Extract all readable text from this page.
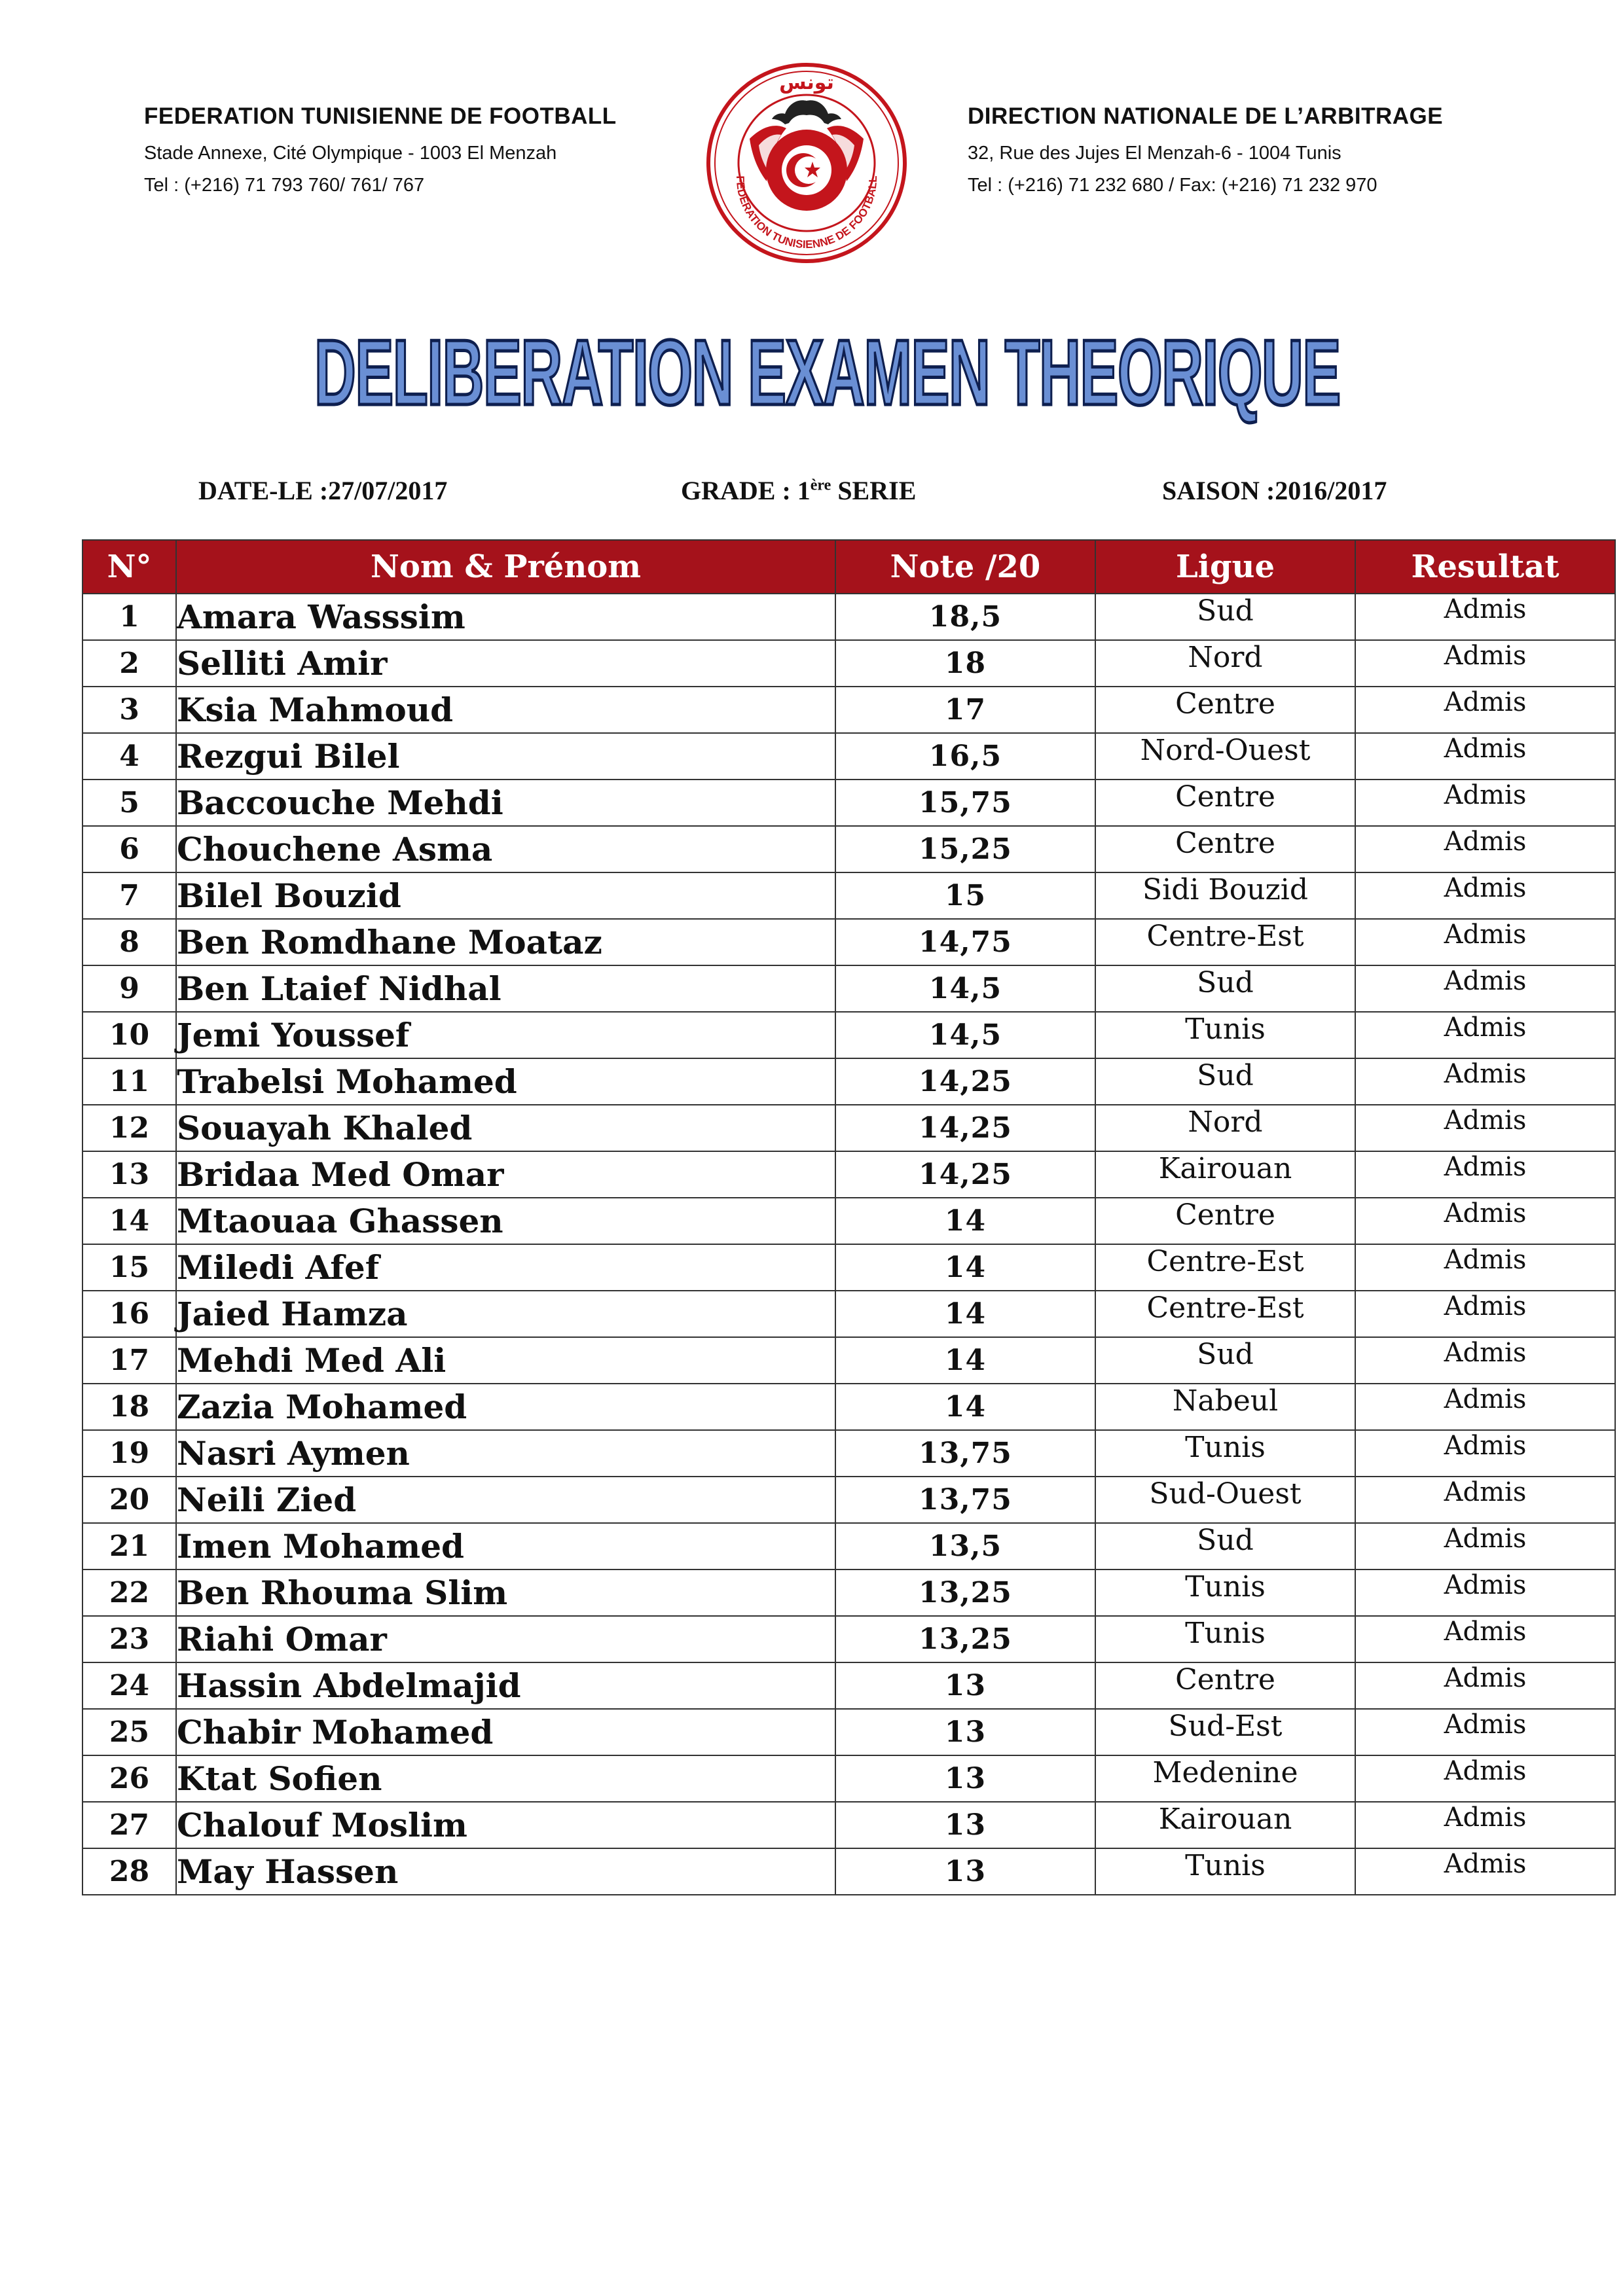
FEDERATION TUNISIENNE DE FOOTBALL
Stade Annexe, Cité Olympique - 1003 El Menzah
Tel : (+216) 71 793 760/ 761/ 767
تونس
FEDERATION TUNISIENNE DE FOOTBALL
DIRECTION NATIONALE DE L’ARBITRAGE
32, Rue des Jujes El Menzah-6 - 1004 Tunis
Tel : (+216) 71 232 680 / Fax: (+216) 71 232 970
DELIBERATION EXAMEN THEORIQUE
DATE-LE :27/07/2017	GRADE : 1ère SERIE	SAISON :2016/2017
N°	Nom & Prénom	Note /20	Ligue	Resultat
1	Amara Wasssim	18,5	Sud	Admis
2	Selliti Amir	18	Nord	Admis
3	Ksia Mahmoud	17	Centre	Admis
4	Rezgui Bilel	16,5	Nord-Ouest	Admis
5	Baccouche Mehdi	15,75	Centre	Admis
6	Chouchene Asma	15,25	Centre	Admis
7	Bilel Bouzid	15	Sidi Bouzid	Admis
8	Ben Romdhane Moataz	14,75	Centre-Est	Admis
9	Ben Ltaief Nidhal	14,5	Sud	Admis
10	Jemi Youssef	14,5	Tunis	Admis
11	Trabelsi Mohamed	14,25	Sud	Admis
12	Souayah Khaled	14,25	Nord	Admis
13	Bridaa Med Omar	14,25	Kairouan	Admis
14	Mtaouaa Ghassen	14	Centre	Admis
15	Miledi Afef	14	Centre-Est	Admis
16	Jaied Hamza	14	Centre-Est	Admis
17	Mehdi Med Ali	14	Sud	Admis
18	Zazia Mohamed	14	Nabeul	Admis
19	Nasri Aymen	13,75	Tunis	Admis
20	Neili Zied	13,75	Sud-Ouest	Admis
21	Imen Mohamed	13,5	Sud	Admis
22	Ben Rhouma Slim	13,25	Tunis	Admis
23	Riahi Omar	13,25	Tunis	Admis
24	Hassin Abdelmajid	13	Centre	Admis
25	Chabir Mohamed	13	Sud-Est	Admis
26	Ktat Sofien	13	Medenine	Admis
27	Chalouf Moslim	13	Kairouan	Admis
28	May Hassen	13	Tunis	Admis
